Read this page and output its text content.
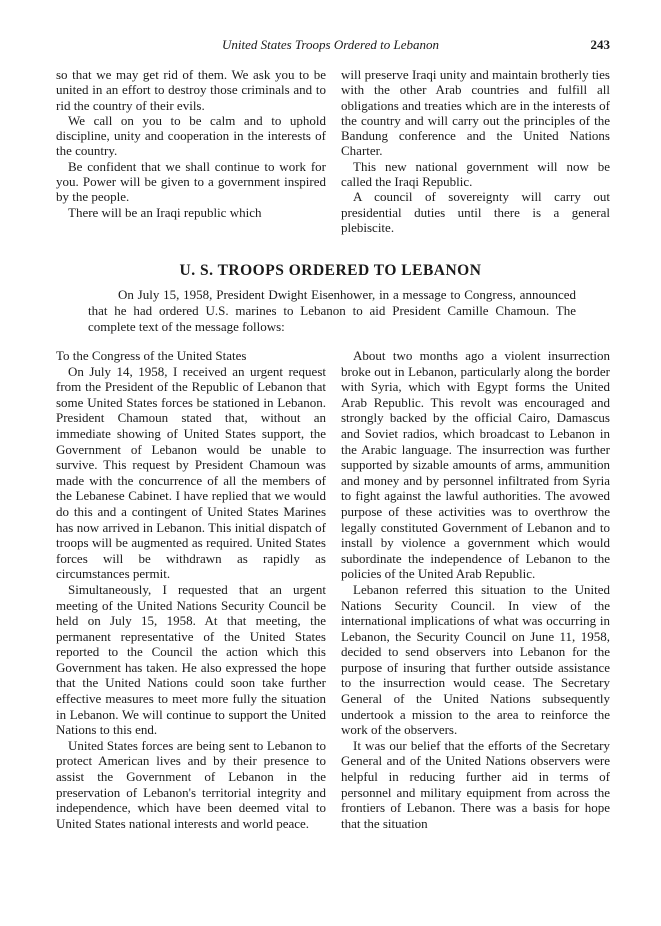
United States Troops Ordered to Lebanon	243

so that we may get rid of them. We ask you to be united in an effort to destroy those criminals and to rid the country of their evils.

We call on you to be calm and to uphold discipline, unity and cooperation in the interests of the country.

Be confident that we shall continue to work for you. Power will be given to a government inspired by the people.

There will be an Iraqi republic which

will preserve Iraqi unity and maintain brotherly ties with the other Arab countries and fulfill all obligations and treaties which are in the interests of the country and will carry out the principles of the Bandung conference and the United Nations Charter.

This new national government will now be called the Iraqi Republic.

A council of sovereignty will carry out presidential duties until there is a general plebiscite.

U. S. TROOPS ORDERED TO LEBANON

On July 15, 1958, President Dwight Eisenhower, in a message to Congress, announced that he had ordered U.S. marines to Lebanon to aid President Camille Chamoun. The complete text of the message follows:

To the Congress of the United States

On July 14, 1958, I received an urgent request from the President of the Republic of Lebanon that some United States forces be stationed in Lebanon. President Chamoun stated that, without an immediate showing of United States support, the Government of Lebanon would be unable to survive. This request by President Chamoun was made with the concurrence of all the members of the Lebanese Cabinet. I have replied that we would do this and a contingent of United States Marines has now arrived in Lebanon. This initial dispatch of troops will be augmented as required. United States forces will be withdrawn as rapidly as circumstances permit.

Simultaneously, I requested that an urgent meeting of the United Nations Security Council be held on July 15, 1958. At that meeting, the permanent representative of the United States reported to the Council the action which this Government has taken. He also expressed the hope that the United Nations could soon take further effective measures to meet more fully the situation in Lebanon. We will continue to support the United Nations to this end.

United States forces are being sent to Lebanon to protect American lives and by their presence to assist the Government of Lebanon in the preservation of Lebanon's territorial integrity and independence, which have been deemed vital to United States national interests and world peace.

About two months ago a violent insurrection broke out in Lebanon, particularly along the border with Syria, which with Egypt forms the United Arab Republic. This revolt was encouraged and strongly backed by the official Cairo, Damascus and Soviet radios, which broadcast to Lebanon in the Arabic language. The insurrection was further supported by sizable amounts of arms, ammunition and money and by personnel infiltrated from Syria to fight against the lawful authorities. The avowed purpose of these activities was to overthrow the legally constituted Government of Lebanon and to install by violence a government which would subordinate the independence of Lebanon to the policies of the United Arab Republic.

Lebanon referred this situation to the United Nations Security Council. In view of the international implications of what was occurring in Lebanon, the Security Council on June 11, 1958, decided to send observers into Lebanon for the purpose of insuring that further outside assistance to the insurrection would cease. The Secretary General of the United Nations subsequently undertook a mission to the area to reinforce the work of the observers.

It was our belief that the efforts of the Secretary General and of the United Nations observers were helpful in reducing further aid in terms of personnel and military equipment from across the frontiers of Lebanon. There was a basis for hope that the situation
